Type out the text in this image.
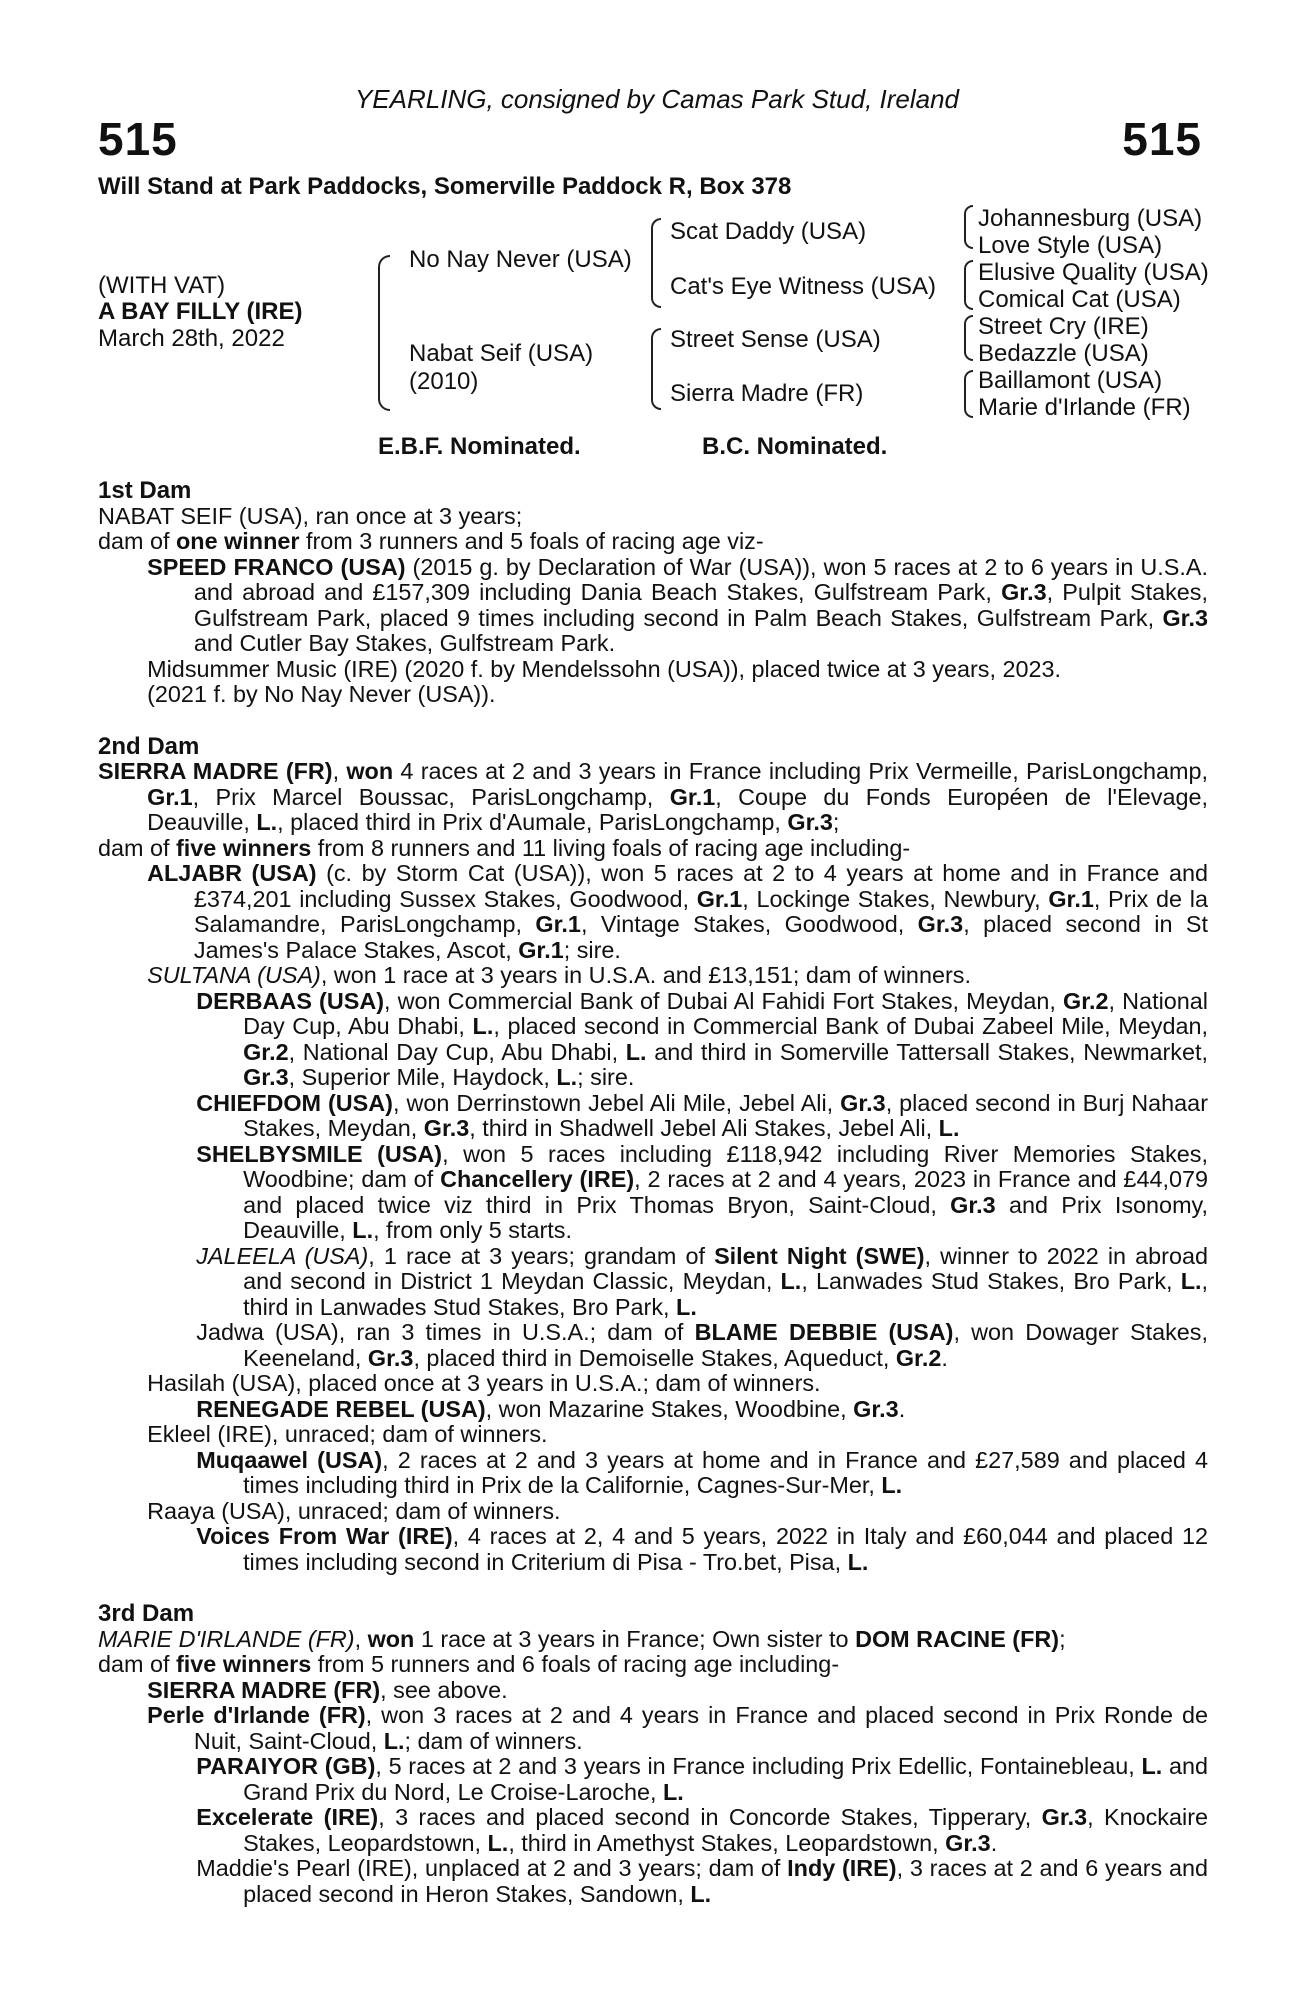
YEARLING, consigned by Camas Park Stud, Ireland
515	515
Will Stand at Park Paddocks, Somerville Paddock R, Box 378
(WITH VAT)
A BAY FILLY (IRE)
March 28th, 2022
No Nay Never (USA)
Nabat Seif (USA)
(2010)
Scat Daddy (USA)
Cat's Eye Witness (USA)
Street Sense (USA)
Sierra Madre (FR)
Johannesburg (USA)
Love Style (USA)
Elusive Quality (USA)
Comical Cat (USA)
Street Cry (IRE)
Bedazzle (USA)
Baillamont (USA)
Marie d'Irlande (FR)
E.B.F. Nominated.	B.C. Nominated.
1st Dam
NABAT SEIF (USA), ran once at 3 years;
dam of one winner from 3 runners and 5 foals of racing age viz-
SPEED FRANCO (USA) (2015 g. by Declaration of War (USA)), won 5 races at 2 to 6 years in U.S.A. and abroad and £157,309 including Dania Beach Stakes, Gulfstream Park, Gr.3, Pulpit Stakes, Gulfstream Park, placed 9 times including second in Palm Beach Stakes, Gulfstream Park, Gr.3 and Cutler Bay Stakes, Gulfstream Park.
Midsummer Music (IRE) (2020 f. by Mendelssohn (USA)), placed twice at 3 years, 2023.
(2021 f. by No Nay Never (USA)).
2nd Dam
SIERRA MADRE (FR), won 4 races at 2 and 3 years in France including Prix Vermeille, ParisLongchamp, Gr.1, Prix Marcel Boussac, ParisLongchamp, Gr.1, Coupe du Fonds Européen de l'Elevage, Deauville, L., placed third in Prix d'Aumale, ParisLongchamp, Gr.3;
dam of five winners from 8 runners and 11 living foals of racing age including-
ALJABR (USA) (c. by Storm Cat (USA)), won 5 races at 2 to 4 years at home and in France and £374,201 including Sussex Stakes, Goodwood, Gr.1, Lockinge Stakes, Newbury, Gr.1, Prix de la Salamandre, ParisLongchamp, Gr.1, Vintage Stakes, Goodwood, Gr.3, placed second in St James's Palace Stakes, Ascot, Gr.1; sire.
SULTANA (USA), won 1 race at 3 years in U.S.A. and £13,151; dam of winners.
DERBAAS (USA), won Commercial Bank of Dubai Al Fahidi Fort Stakes, Meydan, Gr.2, National Day Cup, Abu Dhabi, L., placed second in Commercial Bank of Dubai Zabeel Mile, Meydan, Gr.2, National Day Cup, Abu Dhabi, L. and third in Somerville Tattersall Stakes, Newmarket, Gr.3, Superior Mile, Haydock, L.; sire.
CHIEFDOM (USA), won Derrinstown Jebel Ali Mile, Jebel Ali, Gr.3, placed second in Burj Nahaar Stakes, Meydan, Gr.3, third in Shadwell Jebel Ali Stakes, Jebel Ali, L.
SHELBYSMILE (USA), won 5 races including £118,942 including River Memories Stakes, Woodbine; dam of Chancellery (IRE), 2 races at 2 and 4 years, 2023 in France and £44,079 and placed twice viz third in Prix Thomas Bryon, Saint-Cloud, Gr.3 and Prix Isonomy, Deauville, L., from only 5 starts.
JALEELA (USA), 1 race at 3 years; grandam of Silent Night (SWE), winner to 2022 in abroad and second in District 1 Meydan Classic, Meydan, L., Lanwades Stud Stakes, Bro Park, L., third in Lanwades Stud Stakes, Bro Park, L.
Jadwa (USA), ran 3 times in U.S.A.; dam of BLAME DEBBIE (USA), won Dowager Stakes, Keeneland, Gr.3, placed third in Demoiselle Stakes, Aqueduct, Gr.2.
Hasilah (USA), placed once at 3 years in U.S.A.; dam of winners.
RENEGADE REBEL (USA), won Mazarine Stakes, Woodbine, Gr.3.
Ekleel (IRE), unraced; dam of winners.
Muqaawel (USA), 2 races at 2 and 3 years at home and in France and £27,589 and placed 4 times including third in Prix de la Californie, Cagnes-Sur-Mer, L.
Raaya (USA), unraced; dam of winners.
Voices From War (IRE), 4 races at 2, 4 and 5 years, 2022 in Italy and £60,044 and placed 12 times including second in Criterium di Pisa - Tro.bet, Pisa, L.
3rd Dam
MARIE D'IRLANDE (FR), won 1 race at 3 years in France; Own sister to DOM RACINE (FR);
dam of five winners from 5 runners and 6 foals of racing age including-
SIERRA MADRE (FR), see above.
Perle d'Irlande (FR), won 3 races at 2 and 4 years in France and placed second in Prix Ronde de Nuit, Saint-Cloud, L.; dam of winners.
PARAIYOR (GB), 5 races at 2 and 3 years in France including Prix Edellic, Fontainebleau, L. and Grand Prix du Nord, Le Croise-Laroche, L.
Excelerate (IRE), 3 races and placed second in Concorde Stakes, Tipperary, Gr.3, Knockaire Stakes, Leopardstown, L., third in Amethyst Stakes, Leopardstown, Gr.3.
Maddie's Pearl (IRE), unplaced at 2 and 3 years; dam of Indy (IRE), 3 races at 2 and 6 years and placed second in Heron Stakes, Sandown, L.
